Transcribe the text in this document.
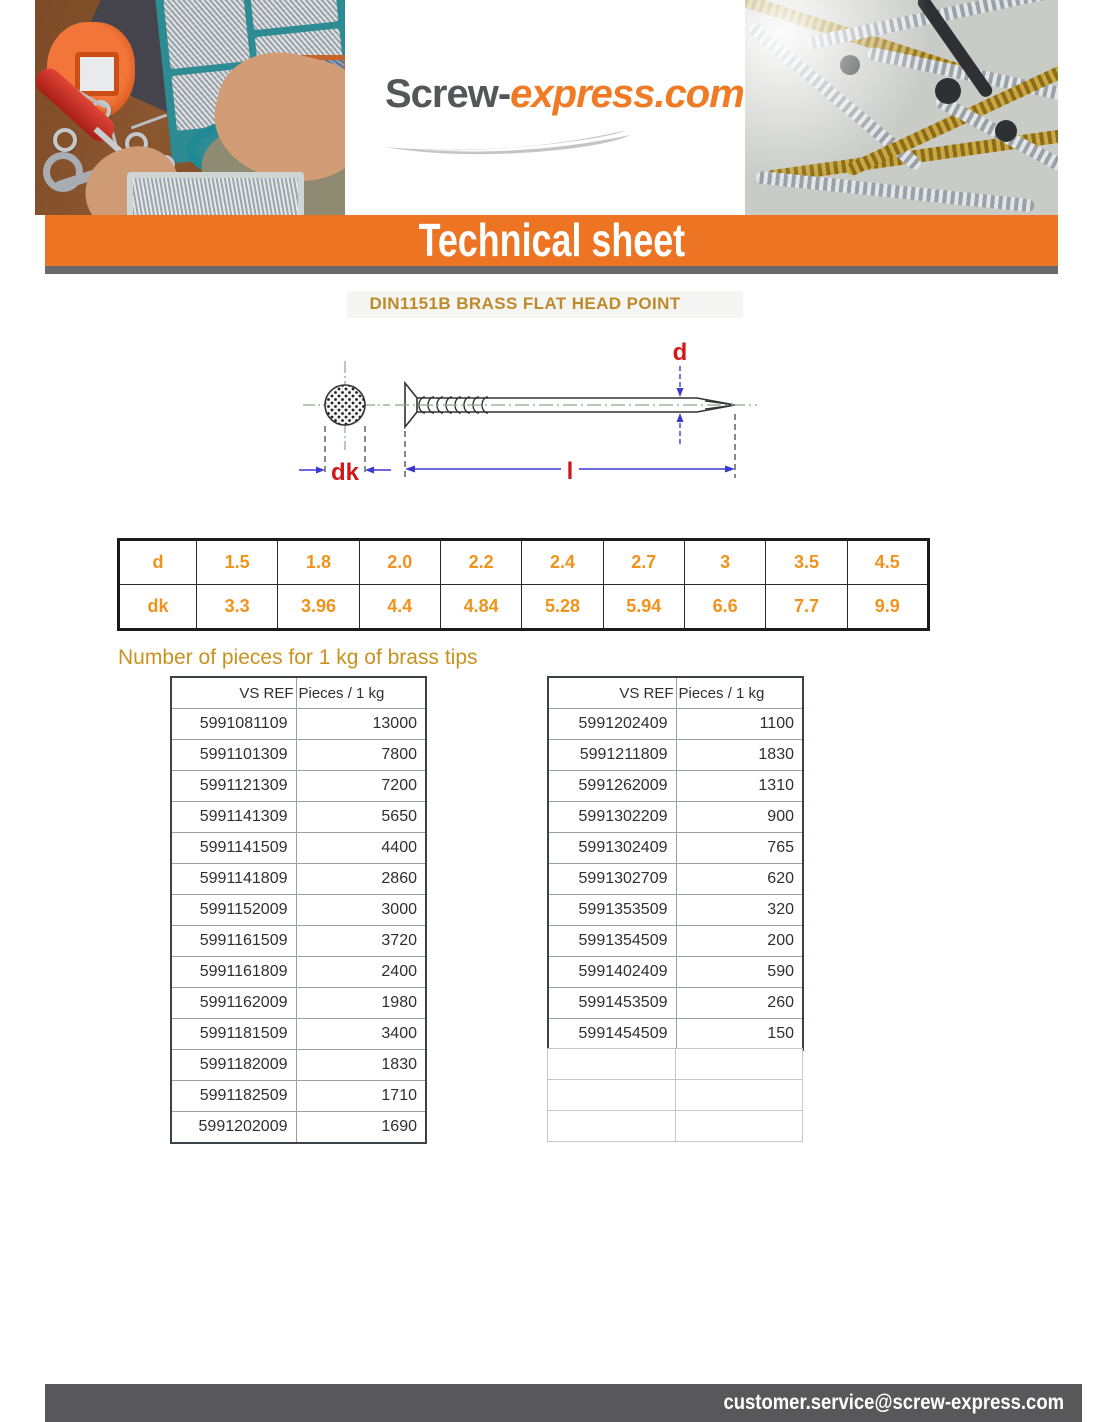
Screw-express.com
Technical sheet
DIN1151B BRASS FLAT HEAD POINT
dk
d
l
d	1.5	1.8	2.0	2.2	2.4	2.7	3	3.5	4.5
dk	3.3	3.96	4.4	4.84	5.28	5.94	6.6	7.7	9.9
Number of pieces for 1 kg of brass tips
VS REF	Pieces / 1 kg
5991081109	13000
5991101309	7800
5991121309	7200
5991141309	5650
5991141509	4400
5991141809	2860
5991152009	3000
5991161509	3720
5991161809	2400
5991162009	1980
5991181509	3400
5991182009	1830
5991182509	1710
5991202009	1690
VS REF	Pieces / 1 kg
5991202409	1100
5991211809	1830
5991262009	1310
5991302209	900
5991302409	765
5991302709	620
5991353509	320
5991354509	200
5991402409	590
5991453509	260
5991454509	150

customer.service@screw-express.com
